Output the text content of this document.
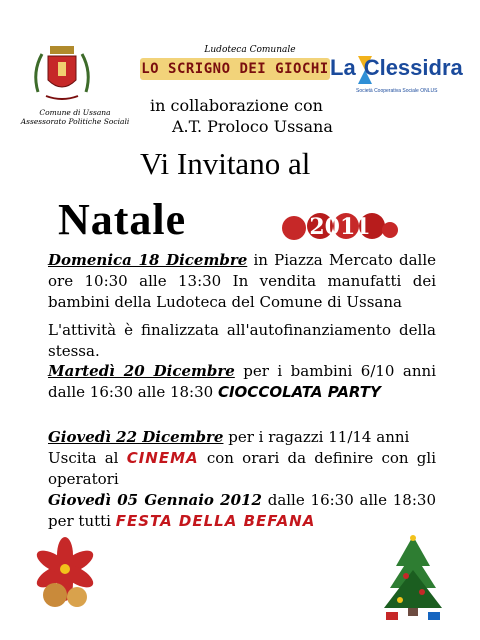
Comune di Ussana
Assessorato Politiche Sociali
Ludoteca Comunale
LO SCRIGNO DEI GIOCHI La Clessidra
Società Cooperativa Sociale ONLUS
in collaborazione con
A.T. Proloco Ussana
Vi Invitano al
Natale	2011
Domenica 18 Dicembre in Piazza Mercato dalle ore 10:30 alle 13:30 In vendita manufatti dei bambini della Ludoteca del Comune di Ussana
L'attività è finalizzata all'autofinanziamento della stessa.
Martedì 20 Dicembre per i bambini 6/10 anni dalle 16:30 alle 18:30 CIOCCOLATA PARTY
Giovedì 22 Dicembre per i ragazzi 11/14 anni
Uscita al CINEMA con orari da definire con gli operatori
Giovedì 05 Gennaio 2012 dalle 16:30 alle 18:30 per tutti FESTA DELLA BEFANA
